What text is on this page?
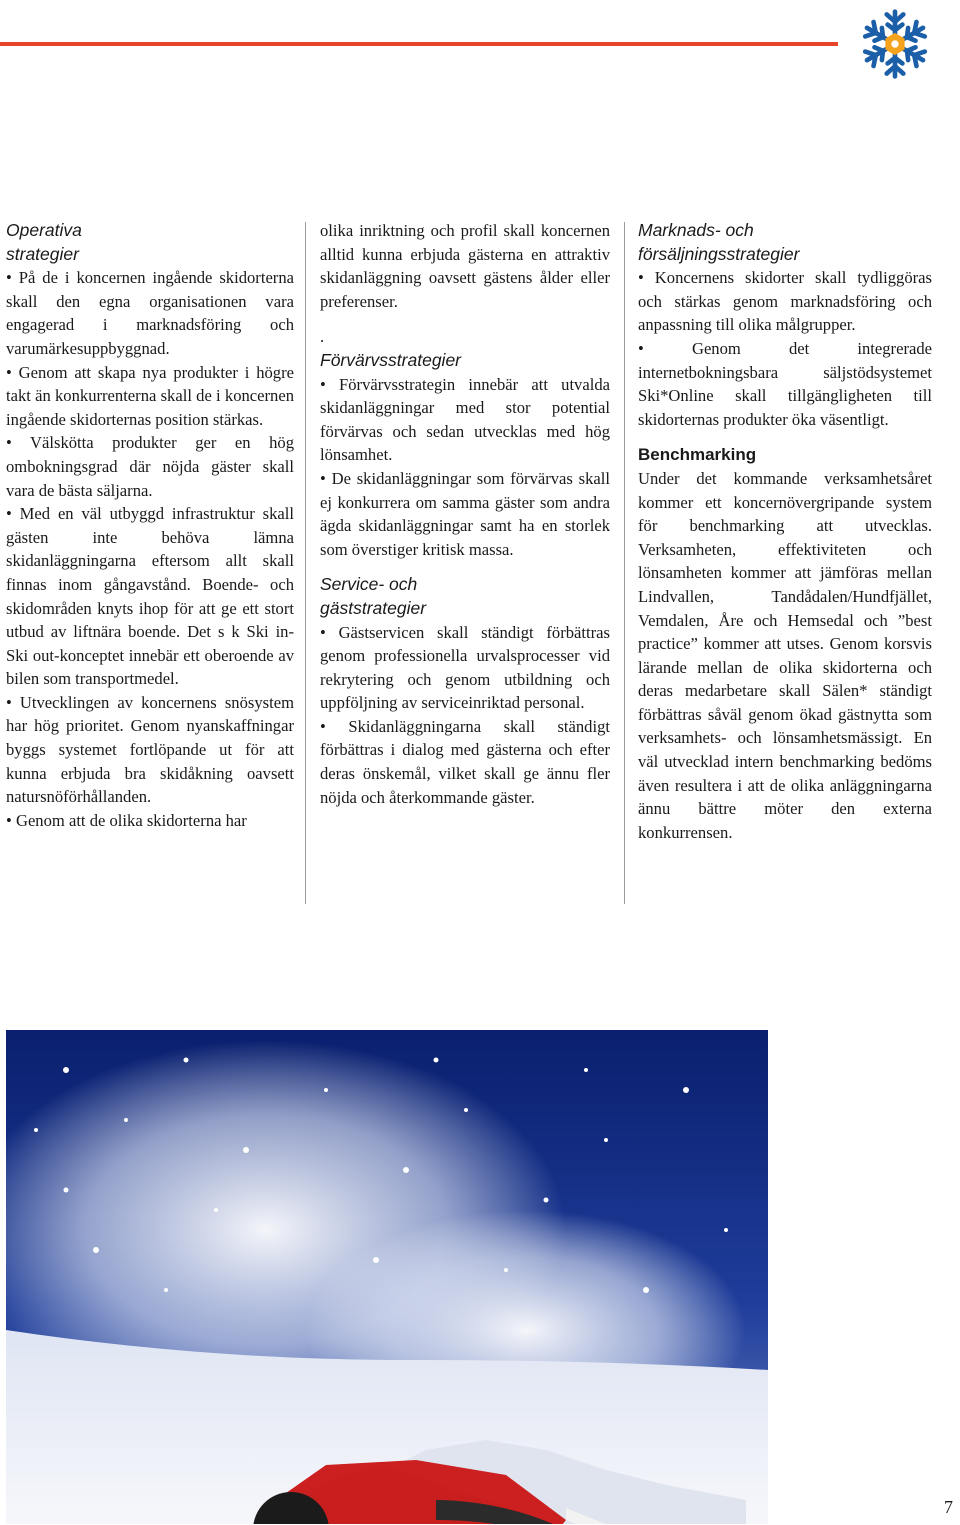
Operativa
strategier

• På de i koncernen ingående skidorterna skall den egna organisationen vara engagerad i marknadsföring och varumärkesuppbyggnad.
• Genom att skapa nya produkter i högre takt än konkurrenterna skall de i koncernen ingående skidorternas position stärkas.
• Välskötta produkter ger en hög ombokningsgrad där nöjda gäster skall vara de bästa säljarna.
• Med en väl utbyggd infrastruktur skall gästen inte behöva lämna skidanläggningarna eftersom allt skall finnas inom gångavstånd. Boende- och skidområden knyts ihop för att ge ett stort utbud av liftnära boende. Det s k Ski in-Ski out-konceptet innebär ett oberoende av bilen som transportmedel.
• Utvecklingen av koncernens snösystem har hög prioritet. Genom nyanskaffningar byggs systemet fortlöpande ut för att kunna erbjuda bra skidåkning oavsett natursnöförhållanden.
• Genom att de olika skidorterna har

olika inriktning och profil skall koncernen alltid kunna erbjuda gästerna en attraktiv skidanläggning oavsett gästens ålder eller preferenser.

.

Förvärvsstrategier

• Förvärvsstrategin innebär att utvalda skidanläggningar med stor potential förvärvas och sedan utvecklas med hög lönsamhet.
• De skidanläggningar som förvärvas skall ej konkurrera om samma gäster som andra ägda skidanläggningar samt ha en storlek som överstiger kritisk massa.

Service- och
gäststrategier

• Gästservicen skall ständigt förbättras genom professionella urvalsprocesser vid rekrytering och genom utbildning och uppföljning av serviceinriktad personal.
• Skidanläggningarna skall ständigt förbättras i dialog med gästerna och efter deras önskemål, vilket skall ge ännu fler nöjda och återkommande gäster.

Marknads- och
försäljningsstrategier

• Koncernens skidorter skall tydliggöras och stärkas genom marknadsföring och anpassning till olika målgrupper.
• Genom det integrerade internetbokningsbara säljstödsystemet Ski*Online skall tillgängligheten till skidorternas produkter öka väsentligt.

Benchmarking

Under det kommande verksamhetsåret kommer ett koncernövergripande system för benchmarking att utvecklas. Verksamheten, effektiviteten och lönsamheten kommer att jämföras mellan Lindvallen, Tandådalen/Hundfjället, Vemdalen, Åre och Hemsedal och ”best practice” kommer att utses. Genom korsvis lärande mellan de olika skidorterna och deras medarbetare skall Sälen* ständigt förbättras såväl genom ökad gästnytta som verksamhets- och lönsamhetsmässigt. En väl utvecklad intern benchmarking bedöms även resultera i att de olika anläggningarna ännu bättre möter den externa konkurrensen.

7
